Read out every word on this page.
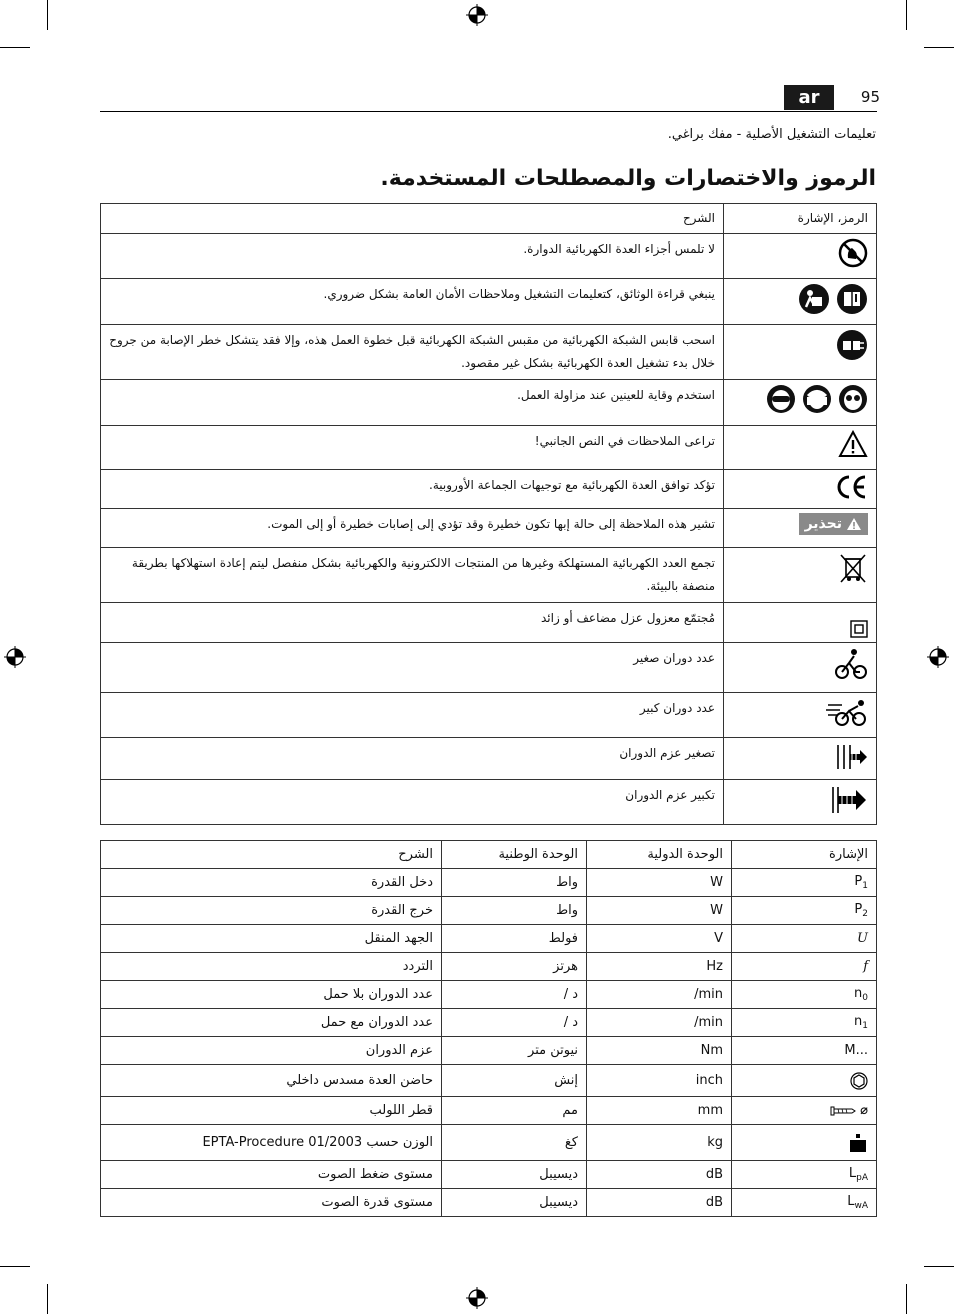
ar	95
تعليمات التشغيل الأصلية - مفك براغي.
الرموز والاختصارات والمصطلحات المستخدمة.
الشرح	الرمز، الإشارة
لا تلمس أجزاء العدة الكهربائية الدوارة.	

ينبغي قراءة الوثائق، كتعليمات التشغيل وملاحظات الأمان العامة بشكل ضروري.	

اسحب قابس الشبكة الكهربائية من مقبس الشبكة الكهربائية قبل خطوة العمل هذه، وإلا فقد يتشكل خطر الإصابة من جروح خلال بدء تشغيل العدة الكهربائية بشكل غير مقصود.	

استخدم وقاية للعينين عند مزاولة العمل.	

تراعى الملاحظات في النص الجانبي!	

تؤكد توافق العدة الكهربائية مع توجيهات الجماعة الأوروبية.	

تشير هذه الملاحظة إلى حالة إبها تكون خطيرة وقد تؤدي إلى إصابات خطيرة أو إلى الموت.	تحذير

تجمع العدد الكهربائية المستهلكة وغيرها من المنتجات الالكترونية والكهربائية بشكل منفصل ليتم إعادة استهلاكها بطريقة منصفة بالبيئة.	

مُجتمّع معزول عزل مضاعف أو زائد	

عدد دوران صغير	

عدد دوران كبير	

تصغير عزم الدوران	

تكبير عزم الدوران	
الشرح	الوحدة الوطنية	الوحدة الدولية	الإشارة
دخل القدرة	واط	W	$P_1$
خرج القدرة	واط	W	$P_2$
الجهد المنقل	فولط	V	U
التردد	هرتز	Hz	f
عدد الدوران بلا حمل	د /	/min	$n_0$
عدد الدوران مع حمل	د /	/min	$n_1$
عزم الدوران	نيوتن متر	Nm	M...
حاضن العدة مسدس داخلي	إنش	inch	
قطر اللولب	مم	mm	⌀
الوزن حسب EPTA-Procedure 01/2003	كغ	kg	
مستوى ضغط الصوت	ديسيبل	dB	$L_{pA}$
مستوى قدرة الصوت	ديسيبل	dB	$L_{wA}$
